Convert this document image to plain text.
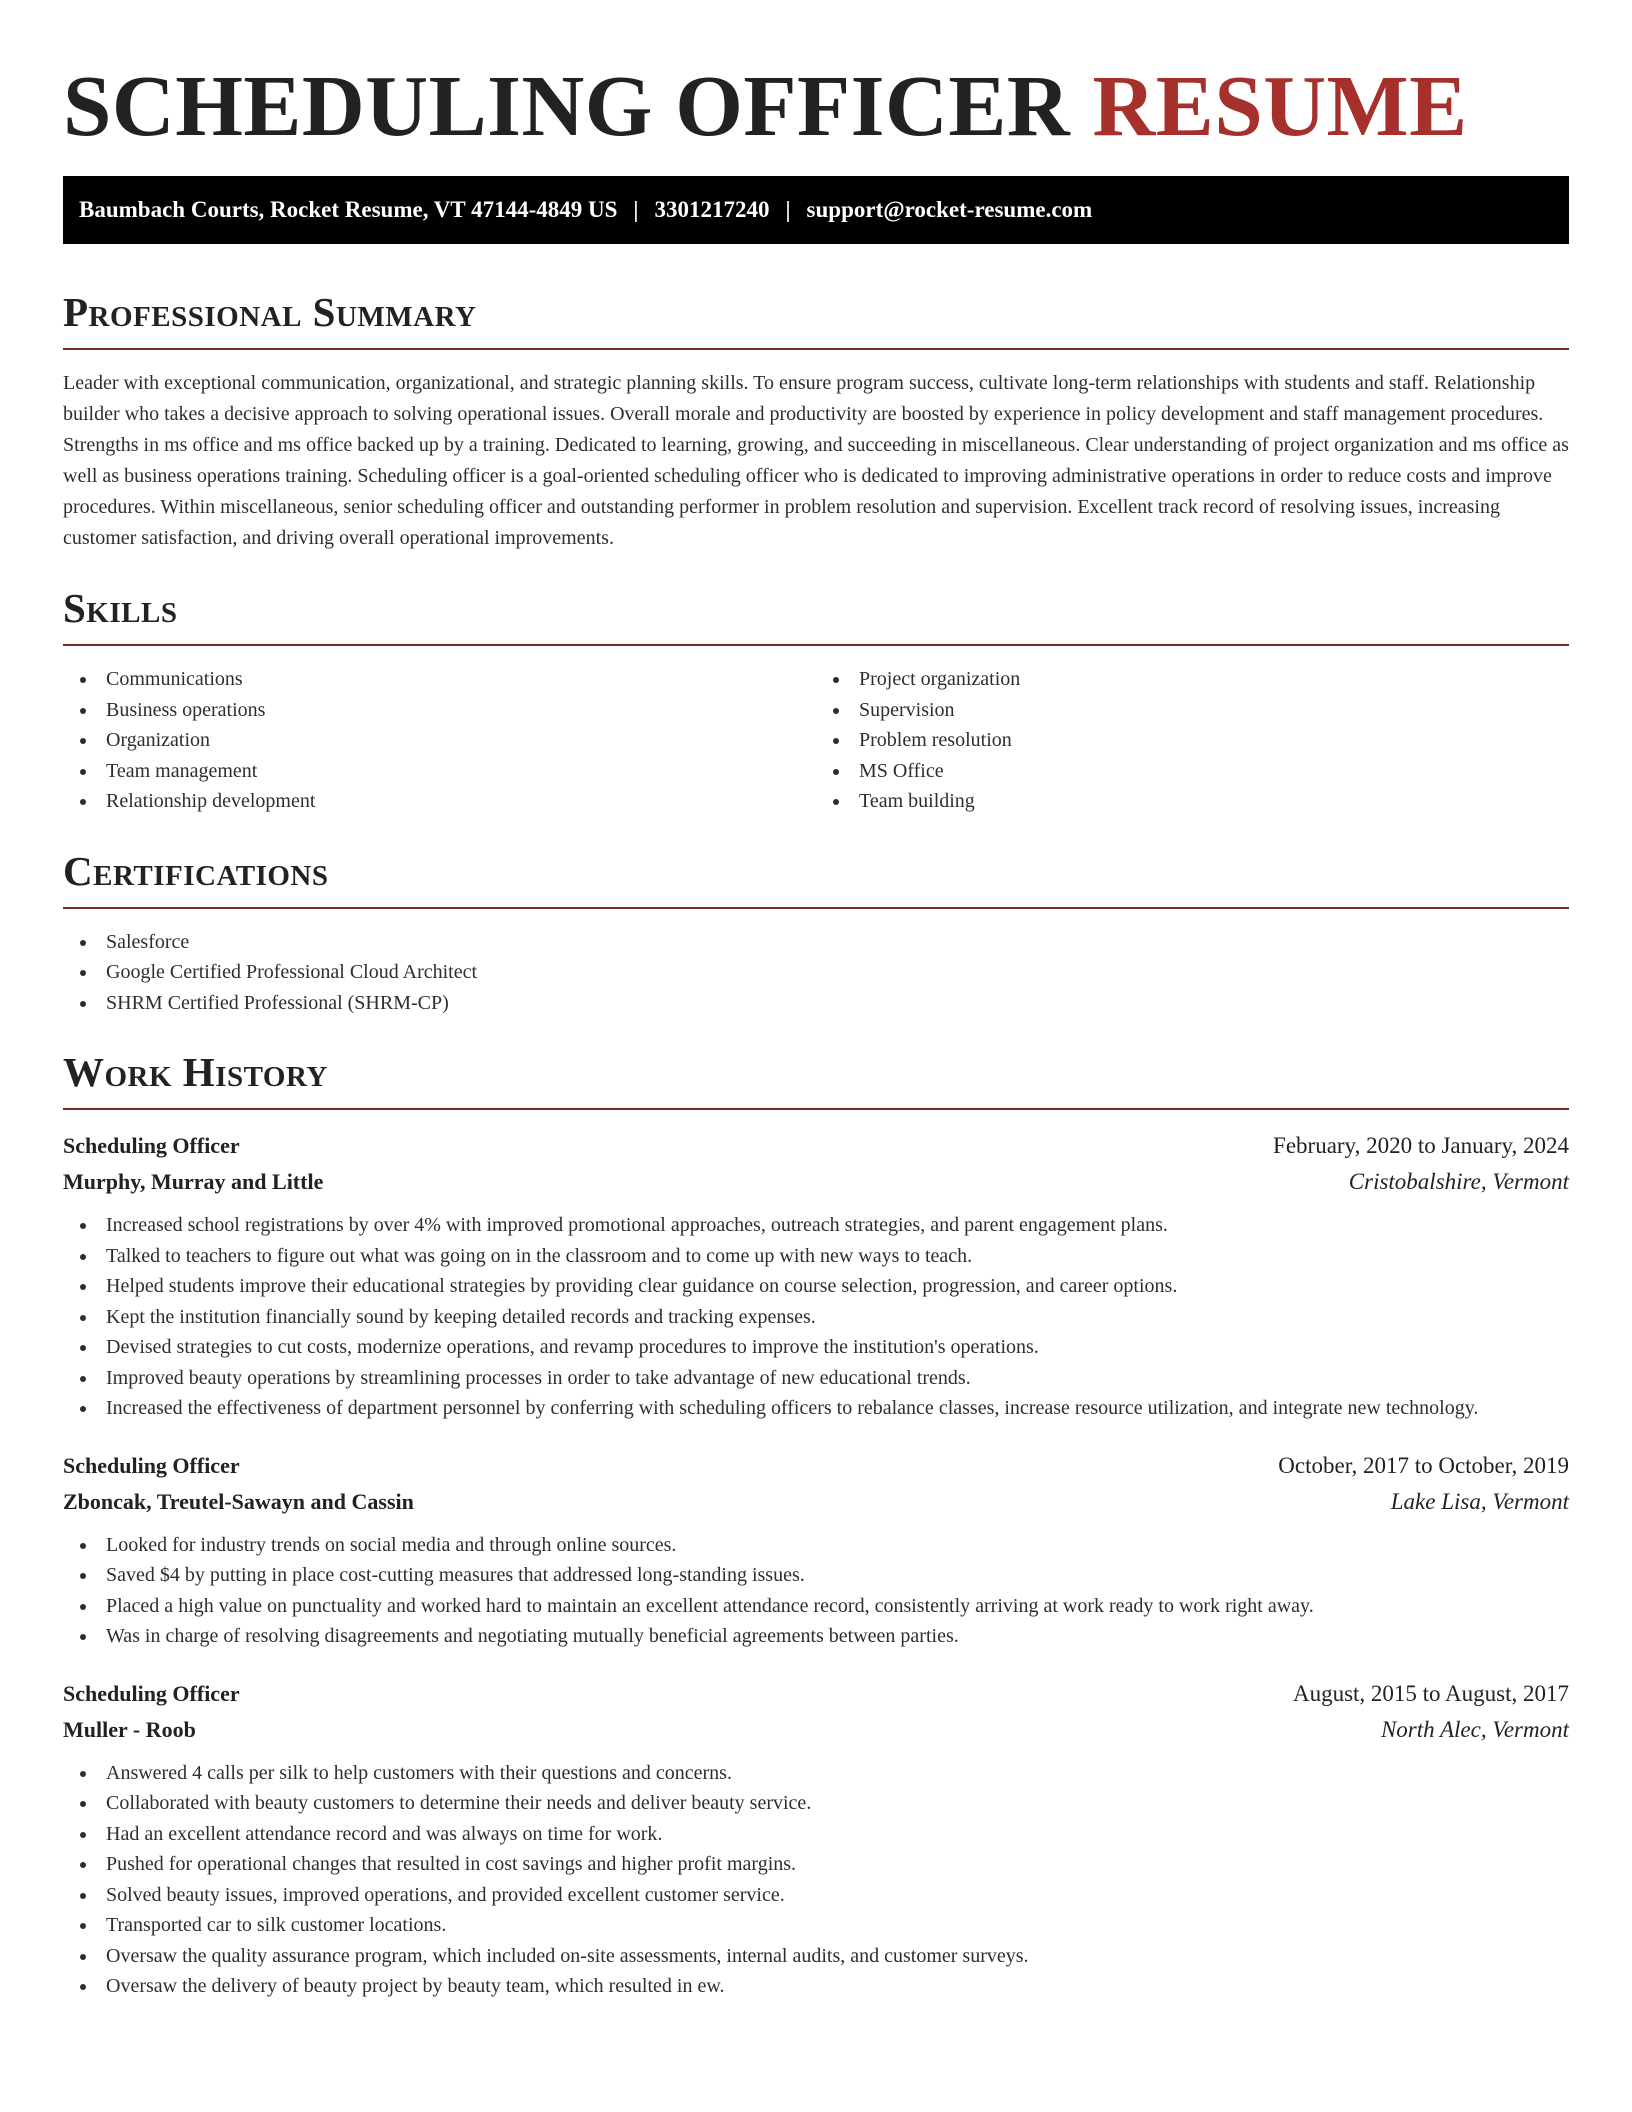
SCHEDULING OFFICER RESUME
Baumbach Courts, Rocket Resume, VT 47144-4849 US | 3301217240 | support@rocket-resume.com
Professional Summary

Leader with exceptional communication, organizational, and strategic planning skills. To ensure program success, cultivate long-term relationships with students and staff. Relationship builder who takes a decisive approach to solving operational issues. Overall morale and productivity are boosted by experience in policy development and staff management procedures. Strengths in ms office and ms office backed up by a training. Dedicated to learning, growing, and succeeding in miscellaneous. Clear understanding of project organization and ms office as well as business operations training. Scheduling officer is a goal-oriented scheduling officer who is dedicated to improving administrative operations in order to reduce costs and improve procedures. Within miscellaneous, senior scheduling officer and outstanding performer in problem resolution and supervision. Excellent track record of resolving issues, increasing customer satisfaction, and driving overall operational improvements.

Skills
Communications
Business operations
Organization
Team management
Relationship development
Project organization
Supervision
Problem resolution
MS Office
Team building
Certifications
Salesforce
Google Certified Professional Cloud Architect
SHRM Certified Professional (SHRM-CP)
Work History
Scheduling Officer	February, 2020 to January, 2024
Murphy, Murray and Little	Cristobalshire, Vermont
Increased school registrations by over 4% with improved promotional approaches, outreach strategies, and parent engagement plans.
Talked to teachers to figure out what was going on in the classroom and to come up with new ways to teach.
Helped students improve their educational strategies by providing clear guidance on course selection, progression, and career options.
Kept the institution financially sound by keeping detailed records and tracking expenses.
Devised strategies to cut costs, modernize operations, and revamp procedures to improve the institution's operations.
Improved beauty operations by streamlining processes in order to take advantage of new educational trends.
Increased the effectiveness of department personnel by conferring with scheduling officers to rebalance classes, increase resource utilization, and integrate new technology.
Scheduling Officer	October, 2017 to October, 2019
Zboncak, Treutel-Sawayn and Cassin	Lake Lisa, Vermont
Looked for industry trends on social media and through online sources.
Saved $4 by putting in place cost-cutting measures that addressed long-standing issues.
Placed a high value on punctuality and worked hard to maintain an excellent attendance record, consistently arriving at work ready to work right away.
Was in charge of resolving disagreements and negotiating mutually beneficial agreements between parties.
Scheduling Officer	August, 2015 to August, 2017
Muller - Roob	North Alec, Vermont
Answered 4 calls per silk to help customers with their questions and concerns.
Collaborated with beauty customers to determine their needs and deliver beauty service.
Had an excellent attendance record and was always on time for work.
Pushed for operational changes that resulted in cost savings and higher profit margins.
Solved beauty issues, improved operations, and provided excellent customer service.
Transported car to silk customer locations.
Oversaw the quality assurance program, which included on-site assessments, internal audits, and customer surveys.
Oversaw the delivery of beauty project by beauty team, which resulted in ew.
